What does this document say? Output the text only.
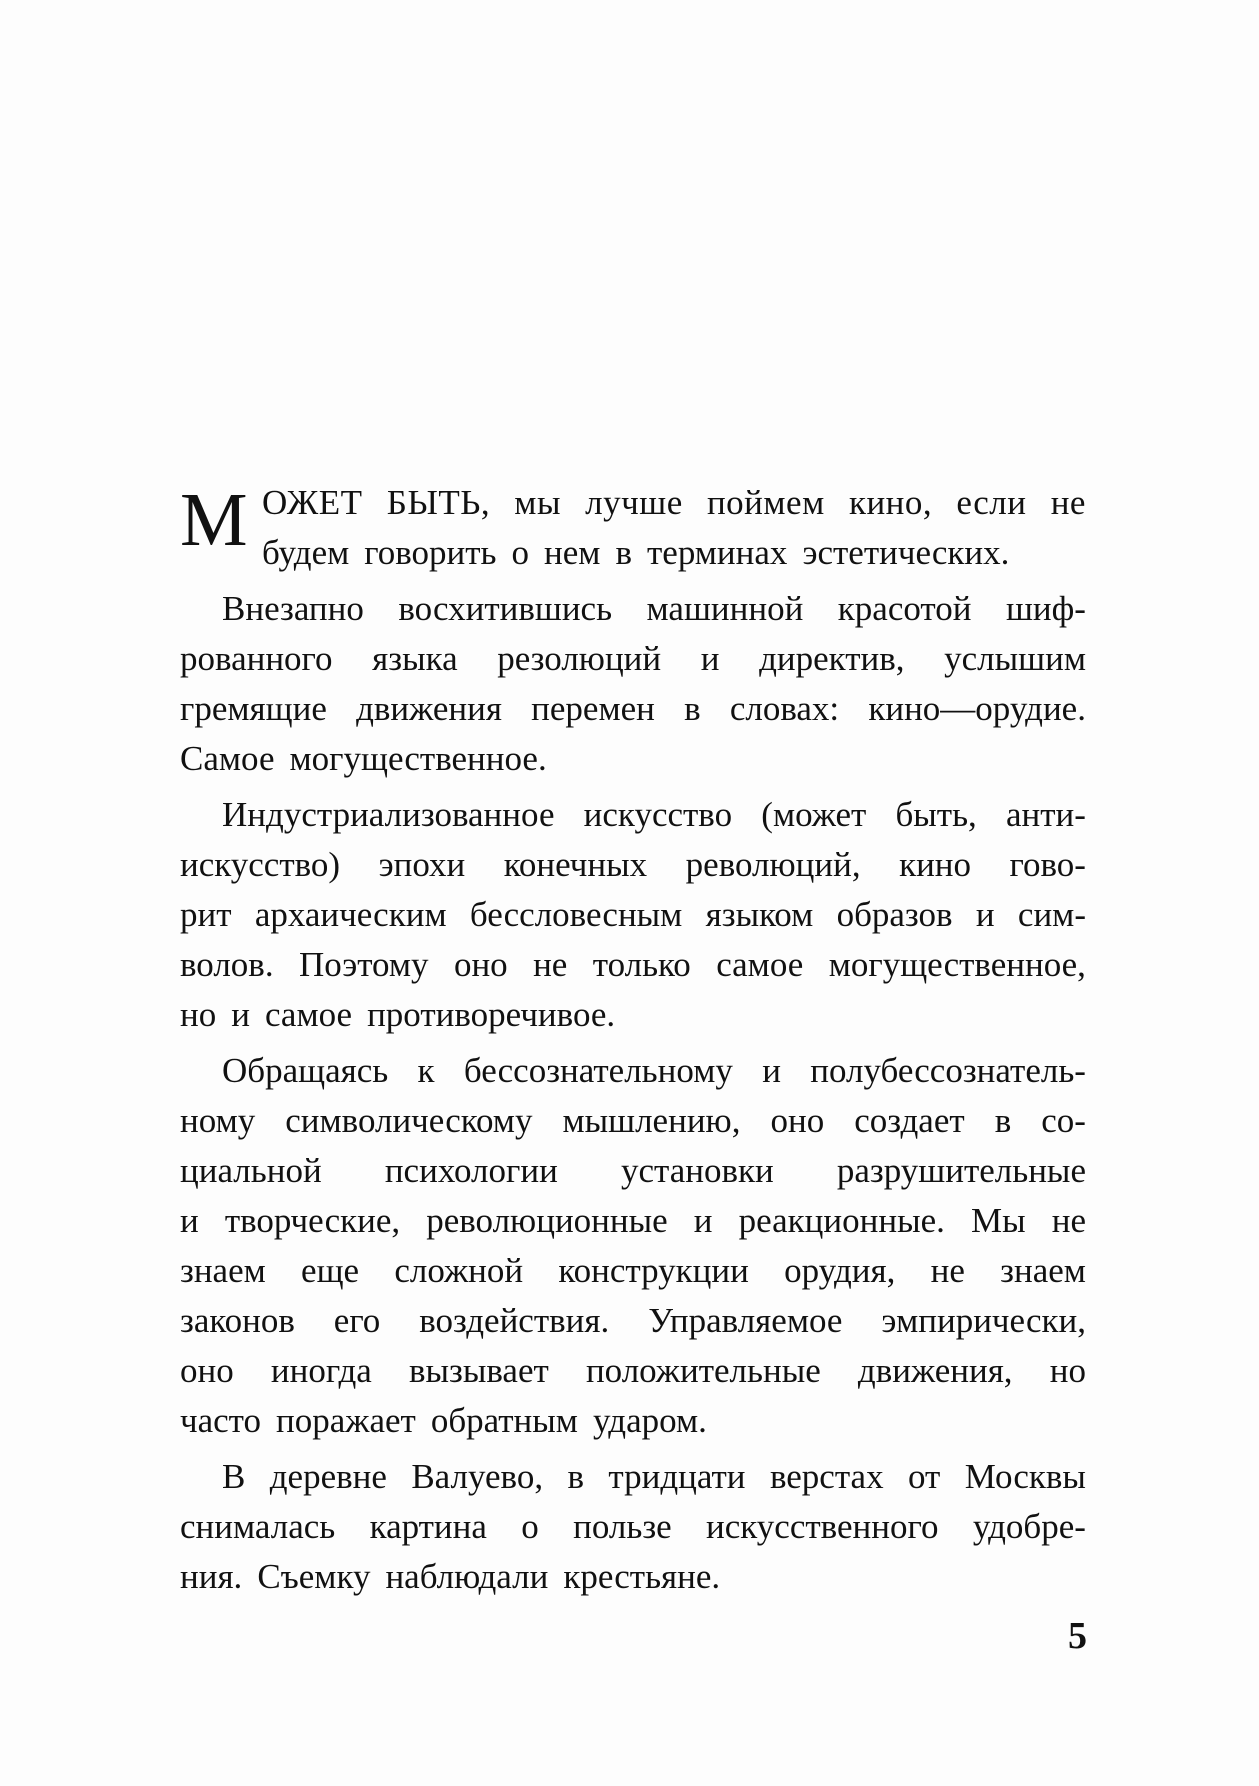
М ОЖЕТ БЫТЬ, мы лучше поймем кино, если не
будем говорить о нем в терминах эстетических.
Внезапно восхитившись машинной красотой шиф-
рованного языка резолюций и директив, услышим
гремящие движения перемен в словах: кино—орудие.
Самое могущественное.
Индустриализованное искусство (может быть, анти-
искусство) эпохи конечных революций, кино гово-
рит архаическим бессловесным языком образов и сим-
волов. Поэтому оно не только самое могущественное,
но и самое противоречивое.
Обращаясь к бессознательному и полубессознатель-
ному символическому мышлению, оно создает в со-
циальной психологии установки разрушительные
и творческие, революционные и реакционные. Мы не
знаем еще сложной конструкции орудия, не знаем
законов его воздействия. Управляемое эмпирически,
оно иногда вызывает положительные движения, но
часто поражает обратным ударом.
В деревне Валуево, в тридцати верстах от Москвы
снималась картина о пользе искусственного удобре-
ния. Съемку наблюдали крестьяне.
5
